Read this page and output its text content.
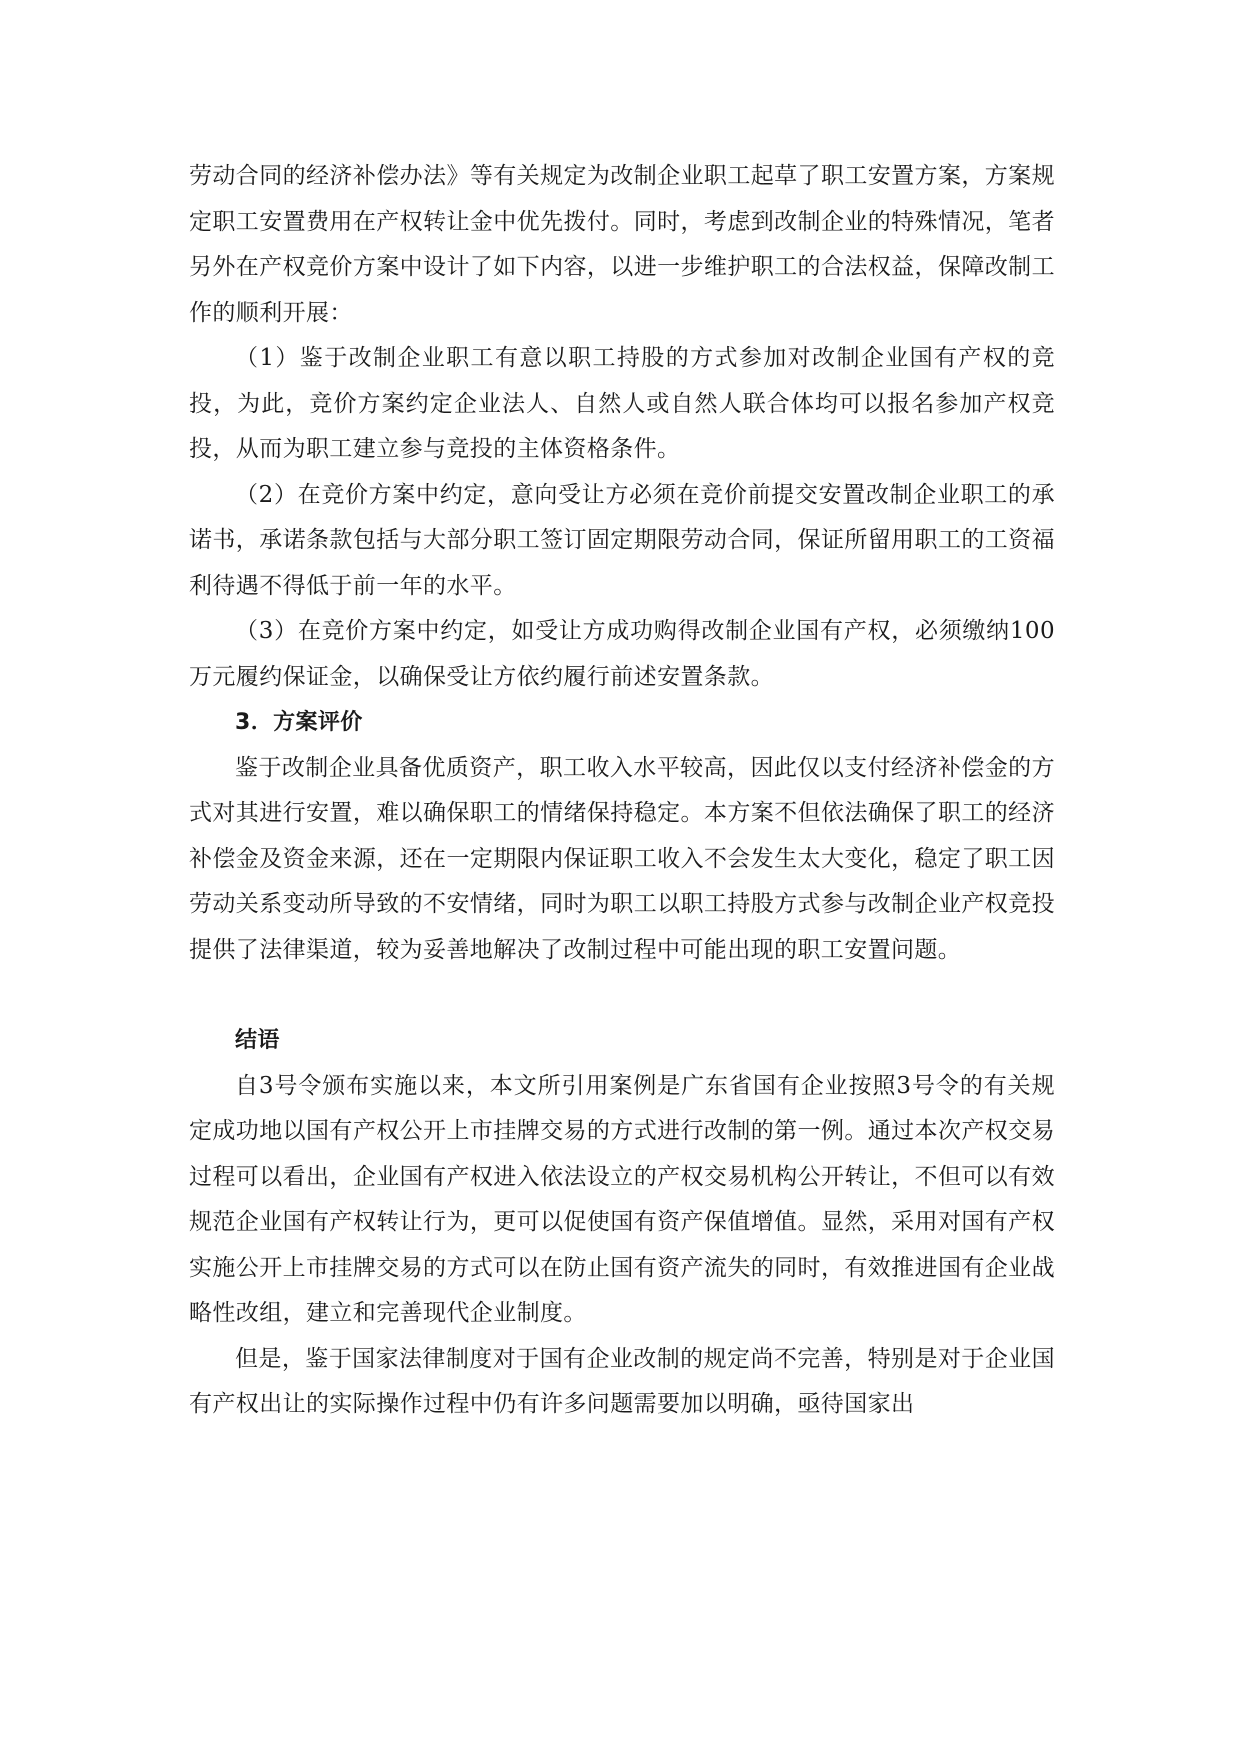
劳动合同的经济补偿办法》等有关规定为改制企业职工起草了职工安置方案，方案规定职工安置费用在产权转让金中优先拨付。同时，考虑到改制企业的特殊情况，笔者另外在产权竞价方案中设计了如下内容，以进一步维护职工的合法权益，保障改制工作的顺利开展：

（1）鉴于改制企业职工有意以职工持股的方式参加对改制企业国有产权的竞投，为此，竞价方案约定企业法人、自然人或自然人联合体均可以报名参加产权竞投，从而为职工建立参与竞投的主体资格条件。

（2）在竞价方案中约定，意向受让方必须在竞价前提交安置改制企业职工的承诺书，承诺条款包括与大部分职工签订固定期限劳动合同，保证所留用职工的工资福利待遇不得低于前一年的水平。

（3）在竞价方案中约定，如受让方成功购得改制企业国有产权，必须缴纳100万元履约保证金，以确保受让方依约履行前述安置条款。

3．方案评价

鉴于改制企业具备优质资产，职工收入水平较高，因此仅以支付经济补偿金的方式对其进行安置，难以确保职工的情绪保持稳定。本方案不但依法确保了职工的经济补偿金及资金来源，还在一定期限内保证职工收入不会发生太大变化，稳定了职工因劳动关系变动所导致的不安情绪，同时为职工以职工持股方式参与改制企业产权竞投提供了法律渠道，较为妥善地解决了改制过程中可能出现的职工安置问题。

结语

自3号令颁布实施以来，本文所引用案例是广东省国有企业按照3号令的有关规定成功地以国有产权公开上市挂牌交易的方式进行改制的第一例。通过本次产权交易过程可以看出，企业国有产权进入依法设立的产权交易机构公开转让，不但可以有效规范企业国有产权转让行为，更可以促使国有资产保值增值。显然，采用对国有产权实施公开上市挂牌交易的方式可以在防止国有资产流失的同时，有效推进国有企业战略性改组，建立和完善现代企业制度。

但是，鉴于国家法律制度对于国有企业改制的规定尚不完善，特别是对于企业国有产权出让的实际操作过程中仍有许多问题需要加以明确，亟待国家出
